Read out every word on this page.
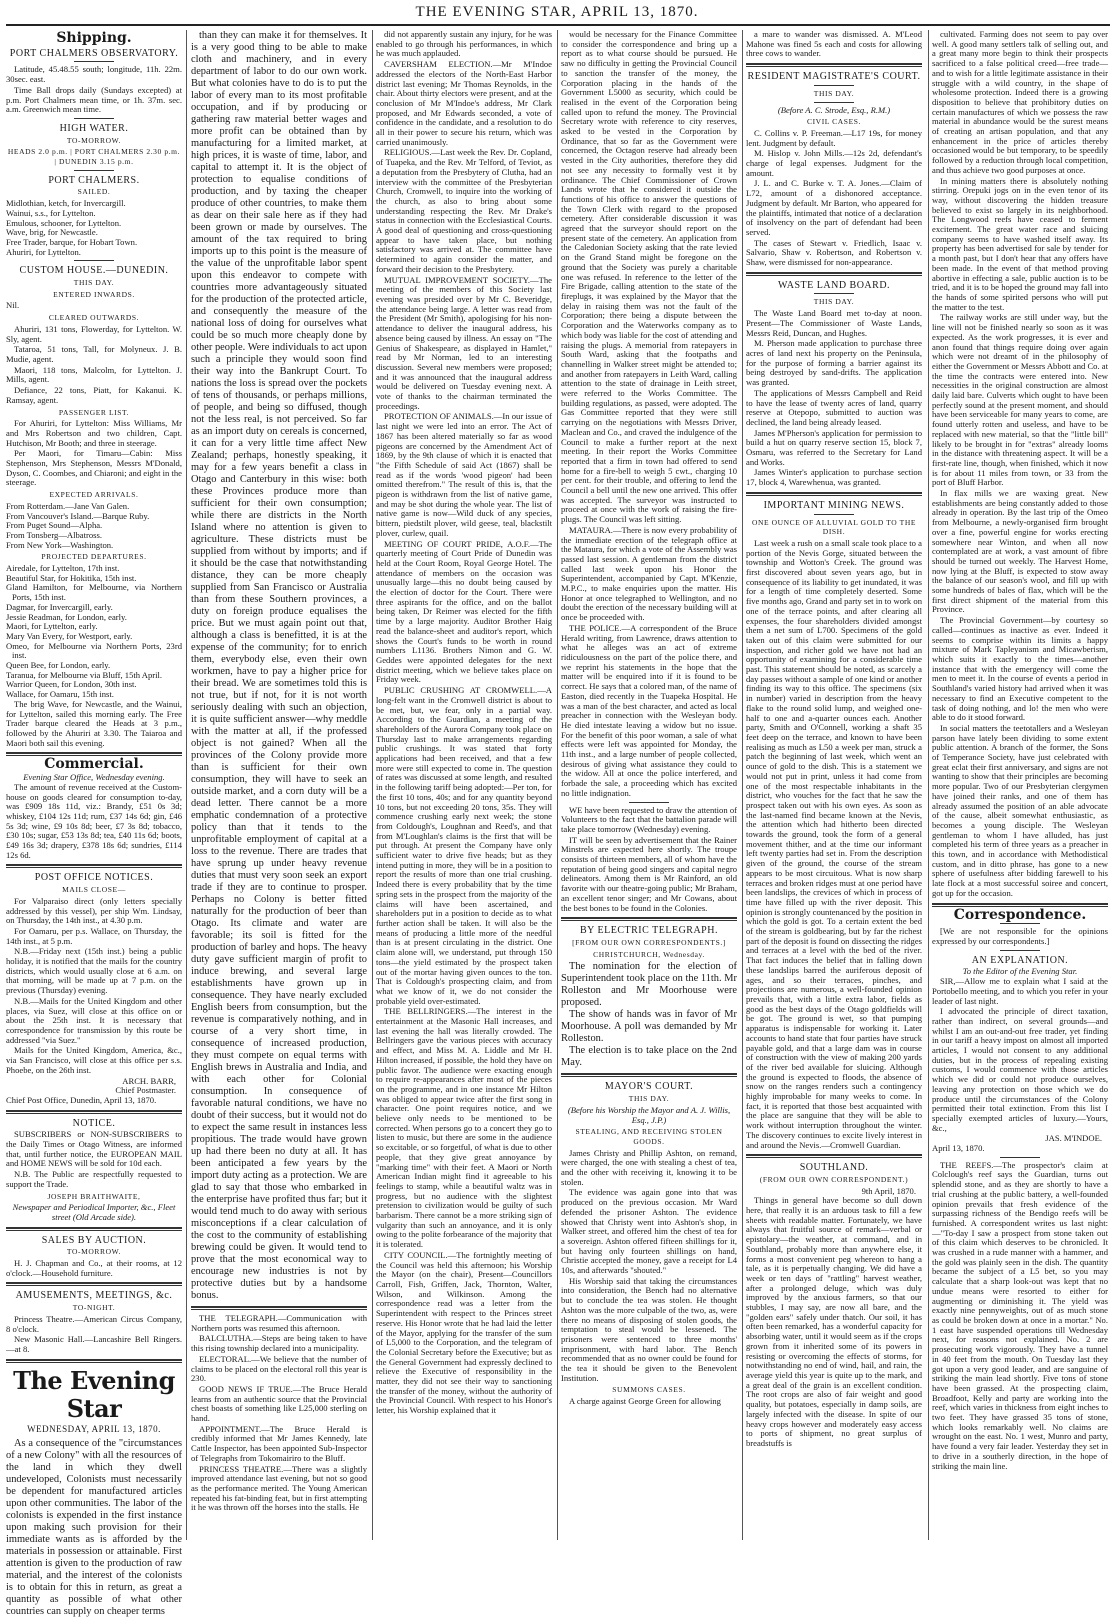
THE EVENING STAR, APRIL 13, 1870.
Shipping.
PORT CHALMERS OBSERVATORY.
Latitude, 45.48.55 south; longitude, 11h. 22m. 30sec. east.
Time Ball drops daily (Sundays excepted) at p.m. Port Chalmers mean time, or 1h. 37m. sec. a.m. Greenwich mean time.
HIGH WATER.
TO-MORROW.
HEADS 2.0 p.m. | PORT CHALMERS 2.30 p.m. | DUNEDIN 3.15 p.m.
PORT CHALMERS.
SAILED.
Midlothian, ketch, for Invercargill.
Wainui, s.s., for Lyttelton.
Emulous, schooner, for Lyttelton.
Wave, brig, for Newcastle.
Free Trader, barque, for Hobart Town.
Ahuriri, for Lyttelton.
CUSTOM HOUSE.—DUNEDIN.
THIS DAY.
ENTERED INWARDS.
Nil.
CLEARED OUTWARDS.
Ahuriri, 131 tons, Flowerday, for Lyttelton. W. Sly, agent.
Tataroa, 51 tons, Tall, for Molyneux. J. B. Mudie, agent.
Maori, 118 tons, Malcolm, for Lyttelton. J. Mills, agent.
Defiance, 22 tons, Piatt, for Kakanui. K. Ramsay, agent.
PASSENGER LIST.
For Ahuriri, for Lyttelton: Miss Williams, Mr and Mrs Robertson and two children, Capt. Hutchison, Mr Booth; and three in steerage.
Per Maori, for Timaru—Cabin: Miss Stephenson, Mrs Stephenson, Messrs M'Donald, Dyson, C. Coombes, and Chiaroni; and eight in the steerage.
EXPECTED ARRIVALS.
From Rotterdam.—Jane Van Galen.
From Vancouver's Island.—Barque Ruby.
From Puget Sound—Alpha.
From Tonsberg—Albatross.
From New York—Washington.
PROJECTED DEPARTURES.
Airedale, for Lyttelton, 17th inst.
Beautiful Star, for Hokitika, 15th inst.
Gland Hamilton, for Melbourne, via Northern Ports, 15th inst.
Dagmar, for Invercargill, early.
Jessie Readman, for London, early.
Maori, for Lyttelton, early.
Mary Van Every, for Westport, early.
Omeo, for Melbourne via Northern Ports, 23rd inst.
Queen Bee, for London, early.
Taranua, for Melbourne via Bluff, 15th April.
Warrior Queen, for London, 30th inst.
Wallace, for Oamaru, 15th inst.
The brig Wave, for Newcastle, and the Wainui, for Lyttelton, sailed this morning early. The Free Trader barque cleared the Heads at 3 p.m., followed by the Ahuriri at 3.30. The Taiaroa and Maori both sail this evening.
Commercial.
Evening Star Office, Wednesday evening.
The amount of revenue received at the Custom-house on goods cleared for consumption to-day, was £909 18s 11d, viz.: Brandy, £51 0s 3d; whiskey, £104 12s 11d; rum, £37 14s 6d; gin, £46 5s 3d; wine, £9 10s 8d; beer, £7 3s 8d; tobacco, £30 10s; sugar, £53 13s 8d; tea, £40 11s 6d; boots, £49 16s 3d; drapery, £378 18s 6d; sundries, £114 12s 6d.
POST OFFICE NOTICES.
MAILS CLOSE—
For Valparaiso direct (only letters specially addressed by this vessel), per ship Wm. Lindsay, on Thursday, the 14th inst., at 4.30 p.m.
For Oamaru, per p.s. Wallace, on Thursday, the 14th inst., at 5 p.m.
N.B.—Friday next (15th inst.) being a public holiday, it is notified that the mails for the country districts, which would usually close at 6 a.m. on that morning, will be made up at 7 p.m. on the previous (Thursday) evening.
N.B.—Mails for the United Kingdom and other places, via Suez, will close at this office on or about the 25th inst. It is necessary that correspondence for transmission by this route be addressed "via Suez."
Mails for the United Kingdom, America, &c., via San Francisco, will close at this office per s.s. Phoebe, on the 26th inst.
ARCH. BARR,
Chief Postmaster.
Chief Post Office, Dunedin, April 13, 1870.
NOTICE.
SUBSCRIBERS or NON-SUBSCRIBERS to the Daily Times or Otago Witness, are informed that, until further notice, the EUROPEAN MAIL and HOME NEWS will be sold for 10d each.
N.B. The Public are respectfully requested to support the Trade.
JOSEPH BRAITHWAITE,
Newspaper and Periodical Importer, &c., Fleet street (Old Arcade side).
SALES BY AUCTION.
TO-MORROW.
H. J. Chapman and Co., at their rooms, at 12 o'clock.—Household furniture.
AMUSEMENTS, MEETINGS, &c.
TO-NIGHT.
Princess Theatre.—American Circus Company, 8 o'clock.
New Masonic Hall.—Lancashire Bell Ringers.—at 8.
The Evening Star
WEDNESDAY, APRIL 13, 1870.
As a consequence of the "circumstances of a new Colony" with all the resources of the land in which they dwell undeveloped, Colonists must necessarily be dependent for manufactured articles upon other communities. The labor of the colonists is expended in the first instance upon making such provision for their immediate wants as is afforded by the materials in possession or attainable. First attention is given to the production of raw material, and the interest of the colonists is to obtain for this in return, as great a quantity as possible of what other countries can supply on cheaper terms
than they can make it for themselves. It is a very good thing to be able to make cloth and machinery, and in every department of labor to do our own work. But what colonies have to do is to put the labor of every man to its most profitable occupation, and if by producing or gathering raw material better wages and more profit can be obtained than by manufacturing for a limited market, at high prices, it is waste of time, labor, and capital to attempt it. It is the object of protection to equalise conditions of production, and by taxing the cheaper produce of other countries, to make them as dear on their sale here as if they had been grown or made by ourselves. The amount of the tax required to bring imports up to this point is the measure of the value of the unprofitable labor spent upon this endeavor to compete with countries more advantageously situated for the production of the protected article, and consequently the measure of the national loss of doing for ourselves what could be so much more cheaply done by other people. Were individuals to act upon such a principle they would soon find their way into the Bankrupt Court. To nations the loss is spread over the pockets of tens of thousands, or perhaps millions, of people, and being so diffused, though not the less real, is not perceived. So far as an import duty on cereals is concerned, it can for a very little time affect New Zealand; perhaps, honestly speaking, it may for a few years benefit a class in Otago and Canterbury in this wise: both these Provinces produce more than sufficient for their own consumption; while there are districts in the North Island where no attention is given to agriculture. These districts must be supplied from without by imports; and if it should be the case that notwithstanding distance, they can be more cheaply supplied from San Francisco or Australia than from these Southern provinces, a duty on foreign produce equalises the price. But we must again point out that, although a class is benefitted, it is at the expense of the community; for to enrich them, everybody else, even their own workmen, have to pay a higher price for their bread. We are sometimes told this is not true, but if not, for it is not worth seriously dealing with such an objection, it is quite sufficient answer—why meddle with the matter at all, if the professed object is not gained? When all the provinces of the Colony provide more than is sufficient for their own consumption, they will have to seek an outside market, and a corn duty will be a dead letter. There cannot be a more emphatic condemnation of a protective policy than that it tends to the unprofitable employment of capital at a loss to the revenue. There are trades that have sprung up under heavy revenue duties that must very soon seek an export trade if they are to continue to prosper. Perhaps no Colony is better fitted naturally for the production of beer than Otago. Its climate and water are favorable; its soil is fitted for the production of barley and hops. The heavy duty gave sufficient margin of profit to induce brewing, and several large establishments have grown up in consequence. They have nearly excluded English beers from consumption, but the revenue is comparatively nothing, and in course of a very short time, in consequence of increased production, they must compete on equal terms with English brews in Australia and India, and with each other for Colonial consumption. In consequence of favorable natural conditions, we have no doubt of their success, but it would not do to expect the same result in instances less propitious. The trade would have grown up had there been no duty at all. It has been anticipated a few years by the import duty acting as a protection. We are glad to say that those who embarked in the enterprise have profited thus far; but it would tend much to do away with serious misconceptions if a clear calculation of the cost to the community of establishing brewing could be given. It would tend to prove that the most economical way to encourage new industries is not by protective duties but by a handsome bonus.
THE TELEGRAPH.—Communication with Northern ports was resumed this afternoon.
BALCLUTHA.—Steps are being taken to have this rising township declared into a municipality.
ELECTORAL.—We believe that the number of claims to be placed on the electoral roll this year is 230.
GOOD NEWS IF TRUE.—The Bruce Herald learns from an authentic source that the Provincial chest boasts of something like L25,000 sterling on hand.
APPOINTMENT.—The Bruce Herald is credibly informed that Mr James Kennedy, late Cattle Inspector, has been appointed Sub-Inspector of Telegraphs from Tokomairiro to the Bluff.
PRINCESS THEATRE.—There was a slightly improved attendance last evening, but not so good as the performance merited. The Young American repeated his fat-binding feat, but in first attempting it he was thrown off the horses into the stalls. He
did not apparently sustain any injury, for he was enabled to go through his performances, in which he was much applauded.
CAVERSHAM ELECTION.—Mr M'Indoe addressed the electors of the North-East Harbor district last evening; Mr Thomas Reynolds, in the chair. About thirty electors were present, and at the conclusion of Mr M'Indoe's address, Mr Clark proposed, and Mr Edwards seconded, a vote of confidence in the candidate, and a resolution to do all in their power to secure his return, which was carried unanimously.
RELIGIOUS.—Last week the Rev. Dr. Copland, of Tuapeka, and the Rev. Mr Telford, of Teviot, as a deputation from the Presbytery of Clutha, had an interview with the committee of the Presbyterian Church, Cromwell, to inquire into the working of the church, as also to bring about some understanding respecting the Rev. Mr Drake's status in connection with the Ecclesiastical Courts. A good deal of questioning and cross-questioning appear to have taken place, but nothing satisfactory was arrived at. The committee have determined to again consider the matter, and forward their decision to the Presbytery.
MUTUAL IMPROVEMENT SOCIETY.—The meeting of the members of this Society last evening was presided over by Mr C. Beveridge, the attendance being large. A letter was read from the President (Mr Smith), apologising for his non-attendance to deliver the inaugural address, his absence being caused by illness. An essay on "The Genius of Shakespeare, as displayed in Hamlet," read by Mr Norman, led to an interesting discussion. Several new members were proposed; and it was announced that the inaugural address would be delivered on Tuesday evening next. A vote of thanks to the chairman terminated the proceedings.
PROTECTION OF ANIMALS.—In our issue of last night we were led into an error. The Act of 1867 has been altered materially so far as wood pigeons are concerned by the Amendment Act of 1869, by the 9th clause of which it is enacted that "the Fifth Schedule of said Act (1867) shall be read as if the words 'wood pigeon' had been omitted therefrom." The result of this is, that the pigeon is withdrawn from the list of native game, and may be shot during the whole year. The list of native game is now—Wild duck of any species, bittern, piedstilt plover, wild geese, teal, blackstilt plover, curlew, quail.
MEETING OF COURT PRIDE, A.O.F.—The quarterly meeting of Court Pride of Dunedin was held at the Court Room, Royal George Hotel. The attendance of members on the occasion was unusually large—this no doubt being caused by the election of doctor for the Court. There were three aspirants for the office, and on the ballot being taken, Dr Reimer was elected for the fifth time by a large majority. Auditor Brother Haig read the balance-sheet and auditor's report, which shows the Court's funds to be worth in round numbers L1136. Brothers Nimon and G. W. Geddes were appointed delegates for the next district meeting, which we believe takes place on Friday week.
PUBLIC CRUSHING AT CROMWELL.—A long-felt want in the Cromwell district is about to be met, but, we fear, only in a partial way. According to the Guardian, a meeting of the shareholders of the Aurora Company took place on Thursday last to make arrangements regarding public crushings. It was stated that forty applications had been received, and that a few more were still expected to come in. The question of rates was discussed at some length, and resulted in the following tariff being adopted:—Per ton, for the first 10 tons, 40s; and for any quantity beyond 10 tons, but not exceeding 20 tons, 35s. They will commence crushing early next week; the stone from Coldough's, Loughnan and Reed's, and that from M'Loughlan's claims is the first that will be put through. At present the Company have only sufficient water to drive five heads; but as they intend putting in more, they will be in a position to report the results of more than one trial crushing. Indeed there is every probability that by the time spring sets in the prospect from the majority of the claims will have been ascertained, and shareholders put in a position to decide as to what further action shall be taken. It will also be the means of producing a little more of the needful than is at present circulating in the district. One claim alone will, we understand, put through 150 tons—the yield estimated by the prospect taken out of the mortar having given ounces to the ton. That is Coldough's prospecting claim, and from what we know of it, we do not consider the probable yield over-estimated.
THE BELLRINGERS.—The interest in the entertainment at the Masonic Hall increases, and last evening the hall was literally crowded. The Bellringers gave the various pieces with accuracy and effect, and Miss M. A. Liddle and Mr H. Hilton increased, if possible, the hold they have on public favor. The audience were exacting enough to require re-appearances after most of the pieces on the programme, and in one instance Mr Hilton was obliged to appear twice after the first song in character. One point requires notice, and we believe only needs to be mentioned to be corrected. When persons go to a concert they go to listen to music, but there are some in the audience so excitable, or so forgetful, of what is due to other people, that they give great annoyance by "marking time" with their feet. A Maori or North American Indian might find it agreeable to his feelings to stamp, while a beautiful waltz was in progress, but no audience with the slightest pretension to civilization would be guilty of such barbarism. There cannot be a more striking sign of vulgarity than such an annoyance, and it is only owing to the polite forbearance of the majority that it is tolerated.
CITY COUNCIL.—The fortnightly meeting of the Council was held this afternoon; his Worship the Mayor (on the chair), Present—Councillors Carroll, Fish, Griffen, Jack, Thornton, Walter, Wilson, and Wilkinson. Among the correspondence read was a letter from the Superintendent with respect to the Princes street reserve. His Honor wrote that he had laid the letter of the Mayor, applying for the transfer of the sum of L5,000 to the Corporation, and the telegram of the Colonial Secretary before the Executive; but as the General Government had expressly declined to relieve the Executive of responsibility in the matter, they did not see their way to sanctioning the transfer of the money, without the authority of the Provincial Council. With respect to his Honor's letter, his Worship explained that it
would be necessary for the Finance Committee to consider the correspondence and bring up a report as to what course should be pursued. He saw no difficulty in getting the Provincial Council to sanction the transfer of the money, the Corporation placing in the hands of the Government L5000 as security, which could be realised in the event of the Corporation being called upon to refund the money. The Provincial Secretary wrote with reference to city reserves, asked to be vested in the Corporation by Ordinance, that so far as the Government were concerned, the Octagon reserve had already been vested in the City authorities, therefore they did not see any necessity to formally vest it by ordinance. The Chief Commissioner of Crown Lands wrote that he considered it outside the functions of his office to answer the questions of the Town Clerk with regard to the proposed cemetery. After considerable discussion it was agreed that the surveyor should report on the present state of the cemetery. An application from the Caledonian Society asking that the rate levied on the Grand Stand might be foregone on the ground that the Society was purely a charitable one was refused. In reference to the letter of the Fire Brigade, calling attention to the state of the fireplugs, it was explained by the Mayor that the delay in raising them was not the fault of the Corporation; there being a dispute between the Corporation and the Waterworks company as to which body was liable for the cost of attending and raising the plugs. A memorial from ratepayers in South Ward, asking that the footpaths and channelling in Walker street might be attended to; and another from ratepayers in Leith Ward, calling attention to the state of drainage in Leith street, were referred to the Works Committee. The building regulations, as passed, were adopted. The Gas Committee reported that they were still carrying on the negotiations with Messrs Driver, Maclean and Co., and craved the indulgence of the Council to make a further report at the next meeting. In their report the Works Committee reported that a firm in town had offered to send home for a fire-bell to weigh 5 cwt., charging 10 per cent. for their trouble, and offering to lend the Council a bell until the new one arrived. This offer was accepted. The surveyor was instructed to proceed at once with the work of raising the fire-plugs. The Council was left sitting.
MATAURA.—There is now every probability of the immediate erection of the telegraph office at the Mataura, for which a vote of the Assembly was passed last session. A gentleman from the district called last week upon his Honor the Superintendent, accompanied by Capt. M'Kenzie, M.P.C., to make enquiries upon the matter. His Honor at once telegraphed to Wellington, and no doubt the erection of the necessary building will at once be proceeded with.
THE POLICE.—A correspondent of the Bruce Herald writing, from Lawrence, draws attention to what he alleges was an act of extreme ridiculousness on the part of the police there, and we reprint his statements in the hope that the matter will be enquired into if it is found to be correct. He says that a colored man, of the name of Easton, died recently in the Tuapeka Hospital. He was a man of the best character, and acted as local preacher in connection with the Wesleyan body. He died intestate leaving a widow but no issue. For the benefit of this poor woman, a sale of what effects were left was appointed for Monday, the 11th inst., and a large number of people collected, desirous of giving what assistance they could to the widow. All at once the police interfered, and forbade the sale, a proceeding which has excited no little indignation.
WE have been requested to draw the attention of Volunteers to the fact that the battalion parade will take place tomorrow (Wednesday) evening.
IT will be seen by advertisement that the Rainer Minstrels are expected here shortly. The troupe consists of thirteen members, all of whom have the reputation of being good singers and capital negro delineators. Among them is Mr Rainford, an old favorite with our theatre-going public; Mr Braham, an excellent tenor singer; and Mr Cowans, about the best bones to be found in the Colonies.
BY ELECTRIC TELEGRAPH.
[FROM OUR OWN CORRESPONDENTS.]
CHRISTCHURCH, Wednesday.
The nomination for the election of Superintendent took place on the 11th. Mr Rolleston and Mr Moorhouse were proposed.
The show of hands was in favor of Mr Moorhouse. A poll was demanded by Mr Rolleston.
The election is to take place on the 2nd May.
MAYOR'S COURT.
THIS DAY.
(Before his Worship the Mayor and A. J. Willis, Esq., J.P.)
STEALING, AND RECEIVING STOLEN GOODS.
James Christy and Phillip Ashton, on remand, were charged, the one with stealing a chest of tea, and the other with receiving it, knowing it to be stolen.
The evidence was again gone into that was produced on the previous occasion. Mr Ward defended the prisoner Ashton. The evidence showed that Christy went into Ashton's shop, in Walker street, and offered him the chest of tea for a sovereign. Ashton offered fifteen shillings for it, but having only fourteen shillings on hand, Christie accepted the money, gave a receipt for L4 10s, and afterwards "shouted."
His Worship said that taking the circumstances into consideration, the Bench had no alternative but to conclude the tea was stolen. He thought Ashton was the more culpable of the two, as, were there no means of disposing of stolen goods, the temptation to steal would be lessened. The prisoners were sentenced to three months' imprisonment, with hard labor. The Bench recommended that as no owner could be found for the tea it should be given to the Benevolent Institution.
SUMMONS CASES.
A charge against George Green for allowing
a mare to wander was dismissed. A. M'Leod Mahone was fined 5s each and costs for allowing three cows to wander.
RESIDENT MAGISTRATE'S COURT.
THIS DAY.
(Before A. C. Strode, Esq., R.M.)
CIVIL CASES.
C. Collins v. P. Freeman.—L17 19s, for money lent. Judgment by default.
M. Hislop v. John Mills.—12s 2d, defendant's charge of legal expenses. Judgment for the amount.
J. L. and C. Burke v. T. A. Jones.—Claim of L72, amount of a dishonored acceptance. Judgment by default. Mr Barton, who appeared for the plaintiffs, intimated that notice of a declaration of insolvency on the part of defendant had been served.
The cases of Stewart v. Friedlich, Isaac v. Salvario, Shaw v. Robertson, and Robertson v. Shaw, were dismissed for non-appearance.
WASTE LAND BOARD.
THIS DAY.
The Waste Land Board met to-day at noon. Present—The Commissioner of Waste Lands, Messrs Reid, Duncan, and Hughes.
M. Pherson made application to purchase three acres of land next his property on the Peninsula, for the purpose of forming a barrier against its being destroyed by sand-drifts. The application was granted.
The applications of Messrs Campbell and Reid to have the lease of twenty acres of land, quarry reserve at Otepopo, submitted to auction was declined, the land being already leased.
James M'Pherson's application for permission to build a hut on quarry reserve section 15, block 7, Osmaru, was referred to the Secretary for Land and Works.
James Winter's application to purchase section 17, block 4, Warewhenua, was granted.
IMPORTANT MINING NEWS.
ONE OUNCE OF ALLUVIAL GOLD TO THE DISH.
Last week a rush on a small scale took place to a portion of the Nevis Gorge, situated between the township and Wotton's Creek. The ground was first discovered about seven years ago, but in consequence of its liability to get inundated, it was for a length of time completely deserted. Some five months ago, Grand and party set in to work on one of the terrace points, and after clearing all expenses, the four shareholders divided amongst them a net sum of L700. Specimens of the gold taken out of this claim were submitted for our inspection, and richer gold we have not had an opportunity of examining for a considerable time past. This statement should be noted, as scarcely a day passes without a sample of one kind or another finding its way to this office. The specimens (six in number) varied in description from the heavy flake to the round solid lump, and weighed one-half to one and a-quarter ounces each. Another party, Smith and O'Connell, working a shaft 35 feet deep on the terrace, and known to have been realising as much as L50 a week per man, struck a patch the beginning of last week, which went an ounce of gold to the dish. This is a statement we would not put in print, unless it had come from one of the most respectable inhabitants in the district, who vouches for the fact that he saw the prospect taken out with his own eyes. As soon as the last-named find became known at the Nevis, the attention which had hitherto been directed towards the ground, took the form of a general movement thither, and at the time our informant left twenty parties had set in. From the description given of the ground, the course of the stream appears to be most circuitous. What is now sharp terraces and broken ridges must at one period have been landslips, the crevices of which in process of time have filled up with the river deposit. This opinion is strongly countenanced by the position in which the gold is got. To a certain extent the bed of the stream is goldbearing, but by far the richest part of the deposit is found on dissecting the ridges and terraces at a level with the bed of the river. That fact induces the belief that in falling down these landslips barred the auriferous deposit of ages, and so their terraces, pinches, and projections are numerous, a well-founded opinion prevails that, with a little extra labor, fields as good as the best days of the Otago goldfields will be got. The ground is wet, so that pumping apparatus is indispensable for working it. Later accounts to hand state that four parties have struck payable gold, and that a large dam was in course of construction with the view of making 200 yards of the river bed available for sluicing. Although the ground is expected to floods, the absence of snow on the ranges renders such a contingency highly improbable for many weeks to come. In fact, it is reported that those best acquainted with the place are sanguine that they will be able to work without interruption throughout the winter. The discovery continues to excite lively interest in and around the Nevis.—Cromwell Guardian.
SOUTHLAND.
(FROM OUR OWN CORRESPONDENT.)
9th April, 1870.
Things in general have become so dull down here, that really it is an arduous task to fill a few sheets with readable matter. Fortunately, we have always that fruitful source of remark—verbal or epistolary—the weather, at command, and in Southland, probably more than anywhere else, it forms a most convenient peg whereon to hang a tale, as it is perpetually changing. We did have a week or ten days of "rattling" harvest weather, after a prolonged deluge, which was duly improved by the anxious farmers, so that our stubbles, I may say, are now all bare, and the "golden ears" safely under thatch. Our soil, it has often been remarked, has a wonderful capacity for absorbing water, until it would seem as if the crops grown from it inherited some of its powers in resisting or overcoming the effects of storms, for notwithstanding no end of wind, hail, and rain, the average yield this year is quite up to the mark, and a great deal of the grain is an excellent condition. The root crops are also of fair weight and good quality, but potatoes, especially in damp soils, are largely infected with the disease. In spite of our heavy crops however and moderately easy access to ports of shipment, no great surplus of breadstuffs is
cultivated. Farming does not seem to pay over well. A good many settlers talk of selling out, and a great many more begin to think their prospects sacrificed to a false political creed—free trade—and to wish for a little legitimate assistance in their struggle with a wild country, in the shape of wholesome protection. Indeed there is a growing disposition to believe that prohibitory duties on certain manufactures of which we possess the raw material in abundance would be the surest means of creating an artisan population, and that any enhancement in the price of articles thereby occasioned would be but temporary, to be speedily followed by a reduction through local competition, and thus achieve two good purposes at once.
In mining matters there is absolutely nothing stirring. Orepuki jogs on in the even tenor of its way, without discovering the hidden treasure believed to exist so largely in its neighborhood. The Longwood reefs have ceased to ferment excitement. The great water race and sluicing company seems to have washed itself away. Its property has been advertised for sale by tender for a month past, but I don't hear that any offers have been made. In the event of that method proving abortive in effecting a sale, public auction is to be tried, and it is to be hoped the ground may fall into the hands of some spirited persons who will put the matter to the test.
The railway works are still under way, but the line will not be finished nearly so soon as it was expected. As the work progresses, it is ever and anon found that things require doing over again which were not dreamt of in the philosophy of either the Government or Messrs Abbott and Co. at the time the contracts were entered into. New necessities in the original construction are almost daily laid bare. Culverts which ought to have been perfectly sound at the present moment, and should have been serviceable for many years to come, are found utterly rotten and useless, and have to be replaced with new material, so that the "little bill" likely to be brought in for "extras" already looms in the distance with threatening aspect. It will be a first-rate line, though, when finished, which it now is for about 11 miles from town, or 33 from the port of Bluff Harbor.
In flax mills we are waxing great. New establishments are being constantly added to those already in operation. By the last trip of the Omeo from Melbourne, a newly-organised firm brought over a fine, powerful engine for works erecting somewhere near Winton, and when all now contemplated are at work, a vast amount of fibre should be turned out weekly. The Harvest Home, now lying at the Bluff, is expected to stow away the balance of our season's wool, and fill up with some hundreds of bales of flax, which will be the first direct shipment of the material from this Province.
The Provincial Government—by courtesy so called—continues as inactive as ever. Indeed it seems to comprise within its limits a happy mixture of Mark Tapleyanism and Micawberism, which suits it exactly to the times—another instance that with the emergency will come the men to meet it. In the course of events a period in Southland's varied history had arrived when it was necessary to find an Executive competent to the task of doing nothing, and lo! the men who were able to do it stood forward.
In social matters the teetotallers and a Wesleyan parson have lately been dividing to some extent public attention. A branch of the former, the Sons of Temperance Society, have just celebrated with great eclat their first anniversary, and signs are not wanting to show that their principles are becoming more popular. Two of our Presbyterian clergymen have joined their ranks, and one of them has already assumed the position of an able advocate of the cause, albeit somewhat enthusiastic, as becomes a young disciple. The Wesleyan gentleman to whom I have alluded, has just completed his term of three years as a preacher in this town, and in accordance with Methodistical custom, and in ditto phrase, has gone to a new sphere of usefulness after bidding farewell to his late flock at a most successful soiree and concert, got up for the occasion.
Correspondence.
[We are not responsible for the opinions expressed by our correspondents.]
AN EXPLANATION.
To the Editor of the Evening Star.
SIR,—Allow me to explain what I said at the Portobello meeting, and to which you refer in your leader of last night.
I advocated the principle of direct taxation, rather than indirect, on several grounds—and whilst I am an out-and-out free trader, yet finding in our tariff a heavy impost on almost all imported articles, I would not consent to any additional duties, but in the process of repealing existing customs, I would commence with those articles which we did or could not produce ourselves, leaving any protection on those which we do produce until the circumstances of the Colony permitted their total extinction. From this list I specially exempted articles of luxury.—Yours, &c.,
JAS. M'INDOE.
April 13, 1870.
THE REEFS.—The prospector's claim at Colclough's reef says the Guardian, turns out splendid stone, and as they are shortly to have a trial crushing at the public battery, a well-founded opinion prevails that fresh evidence of the surpassing richness of the Bendigo reefs will be furnished. A correspondent writes us last night:—"To-day I saw a prospect from stone taken out of this claim which deserves to be chronicled. It was crushed in a rude manner with a hammer, and the gold was plainly seen in the dish. The quantity became the subject of a L5 bet, so you may calculate that a sharp look-out was kept that no undue means were resorted to either for augmenting or diminishing it. The yield was exactly nine pennyweights, out of as much stone as could be broken down at once in a mortar." No. 1 east have suspended operations till Wednesday next, for reasons not explained. No. 2 are prosecuting work vigorously. They have a tunnel in 40 feet from the mouth. On Tuesday last they got upon a very good leader, and are sanguine of striking the main lead shortly. Five tons of stone have been grassed. At the prospecting claim, Broadfoot, Kelly and party are working into the reef, which varies in thickness from eight inches to two feet. They have grassed 35 tons of stone, which looks remarkably well. No claims are wrought on the east. No. 1 west, Munro and party, have found a very fair leader. Yesterday they set in to drive in a southerly direction, in the hope of striking the main line.
